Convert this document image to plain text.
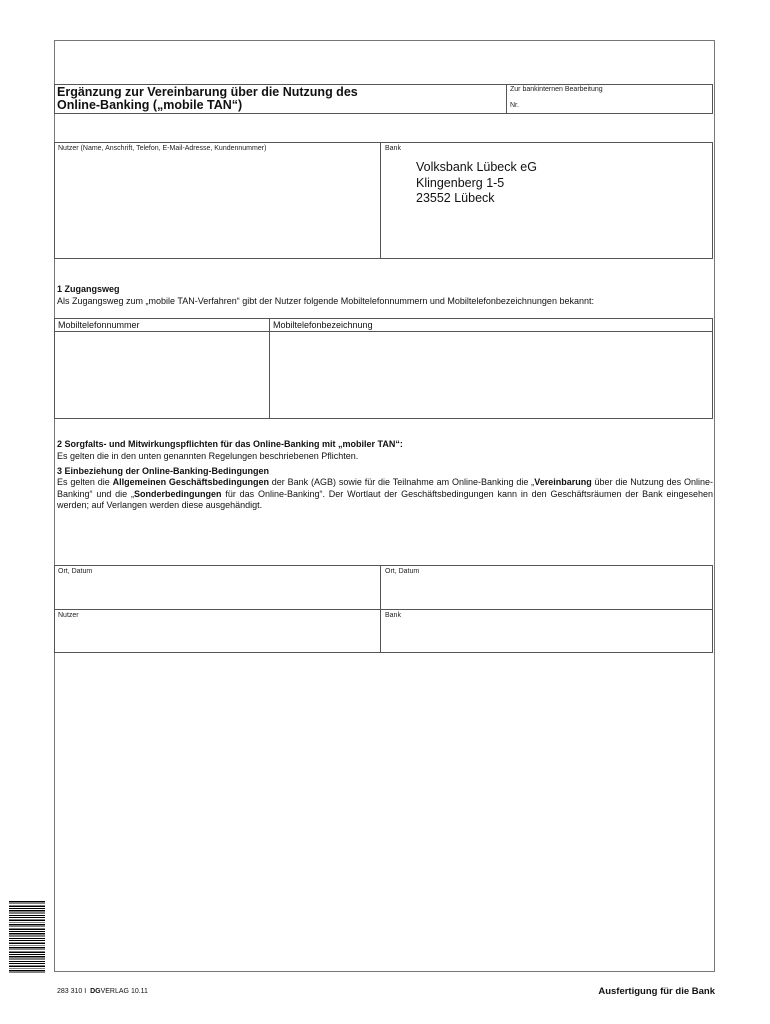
Ergänzung zur Vereinbarung über die Nutzung des
Online-Banking („mobile TAN“)
Zur bankinternen Bearbeitung
Nr.
Nutzer (Name, Anschrift, Telefon, E-Mail-Adresse, Kundennummer)	Bank
Volksbank Lübeck eG
Klingenberg 1-5
23552 Lübeck
1 Zugangsweg
Als Zugangsweg zum „mobile TAN-Verfahren“ gibt der Nutzer folgende Mobiltelefonnummern und Mobiltelefonbezeichnungen bekannt:
Mobiltelefonnummer	Mobiltelefonbezeichnung
2 Sorgfalts- und Mitwirkungspflichten für das Online-Banking mit „mobiler TAN“:
Es gelten die in den unten genannten Regelungen beschriebenen Pflichten.
3 Einbeziehung der Online-Banking-Bedingungen
Es gelten die Allgemeinen Geschäftsbedingungen der Bank (AGB) sowie für die Teilnahme am Online-Banking die „Vereinbarung über die Nutzung des Online-Banking“ und die „Sonderbedingungen für das Online-Banking“. Der Wortlaut der Geschäftsbedingungen kann in den Geschäftsräumen der Bank eingesehen werden; auf Verlangen werden diese ausgehändigt.
Ort, Datum	Ort, Datum
Nutzer	Bank
283 310 I DGVERLAG 10.11	Ausfertigung für die Bank
